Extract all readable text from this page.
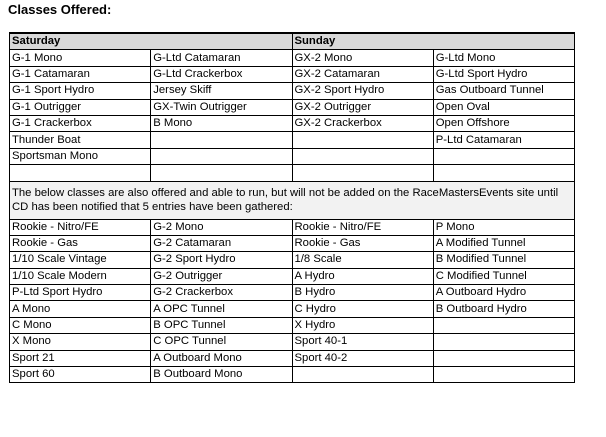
Classes Offered:
Saturday		Sunday	
G-1 Mono	G-Ltd Catamaran	GX-2 Mono	G-Ltd Mono
G-1 Catamaran	G-Ltd Crackerbox	GX-2 Catamaran	G-Ltd Sport Hydro
G-1 Sport Hydro	Jersey Skiff	GX-2 Sport Hydro	Gas Outboard Tunnel
G-1 Outrigger	GX-Twin Outrigger	GX-2 Outrigger	Open Oval
G-1 Crackerbox	B Mono	GX-2 Crackerbox	Open Offshore
Thunder Boat			P-Ltd Catamaran
Sportsman Mono			

The below classes are also offered and able to run, but will not be added on the RaceMastersEvents site until CD has been notified that 5 entries have been gathered:			
Rookie - Nitro/FE	G-2 Mono	Rookie - Nitro/FE	P Mono
Rookie - Gas	G-2 Catamaran	Rookie - Gas	A Modified Tunnel
1/10 Scale Vintage	G-2 Sport Hydro	1/8 Scale	B Modified Tunnel
1/10 Scale Modern	G-2 Outrigger	A Hydro	C Modified Tunnel
P-Ltd Sport Hydro	G-2 Crackerbox	B Hydro	A Outboard Hydro
A Mono	A OPC Tunnel	C Hydro	B Outboard Hydro
C Mono	B OPC Tunnel	X Hydro	
X Mono	C OPC Tunnel	Sport 40-1	
Sport 21	A Outboard Mono	Sport 40-2	
Sport 60	B Outboard Mono		
